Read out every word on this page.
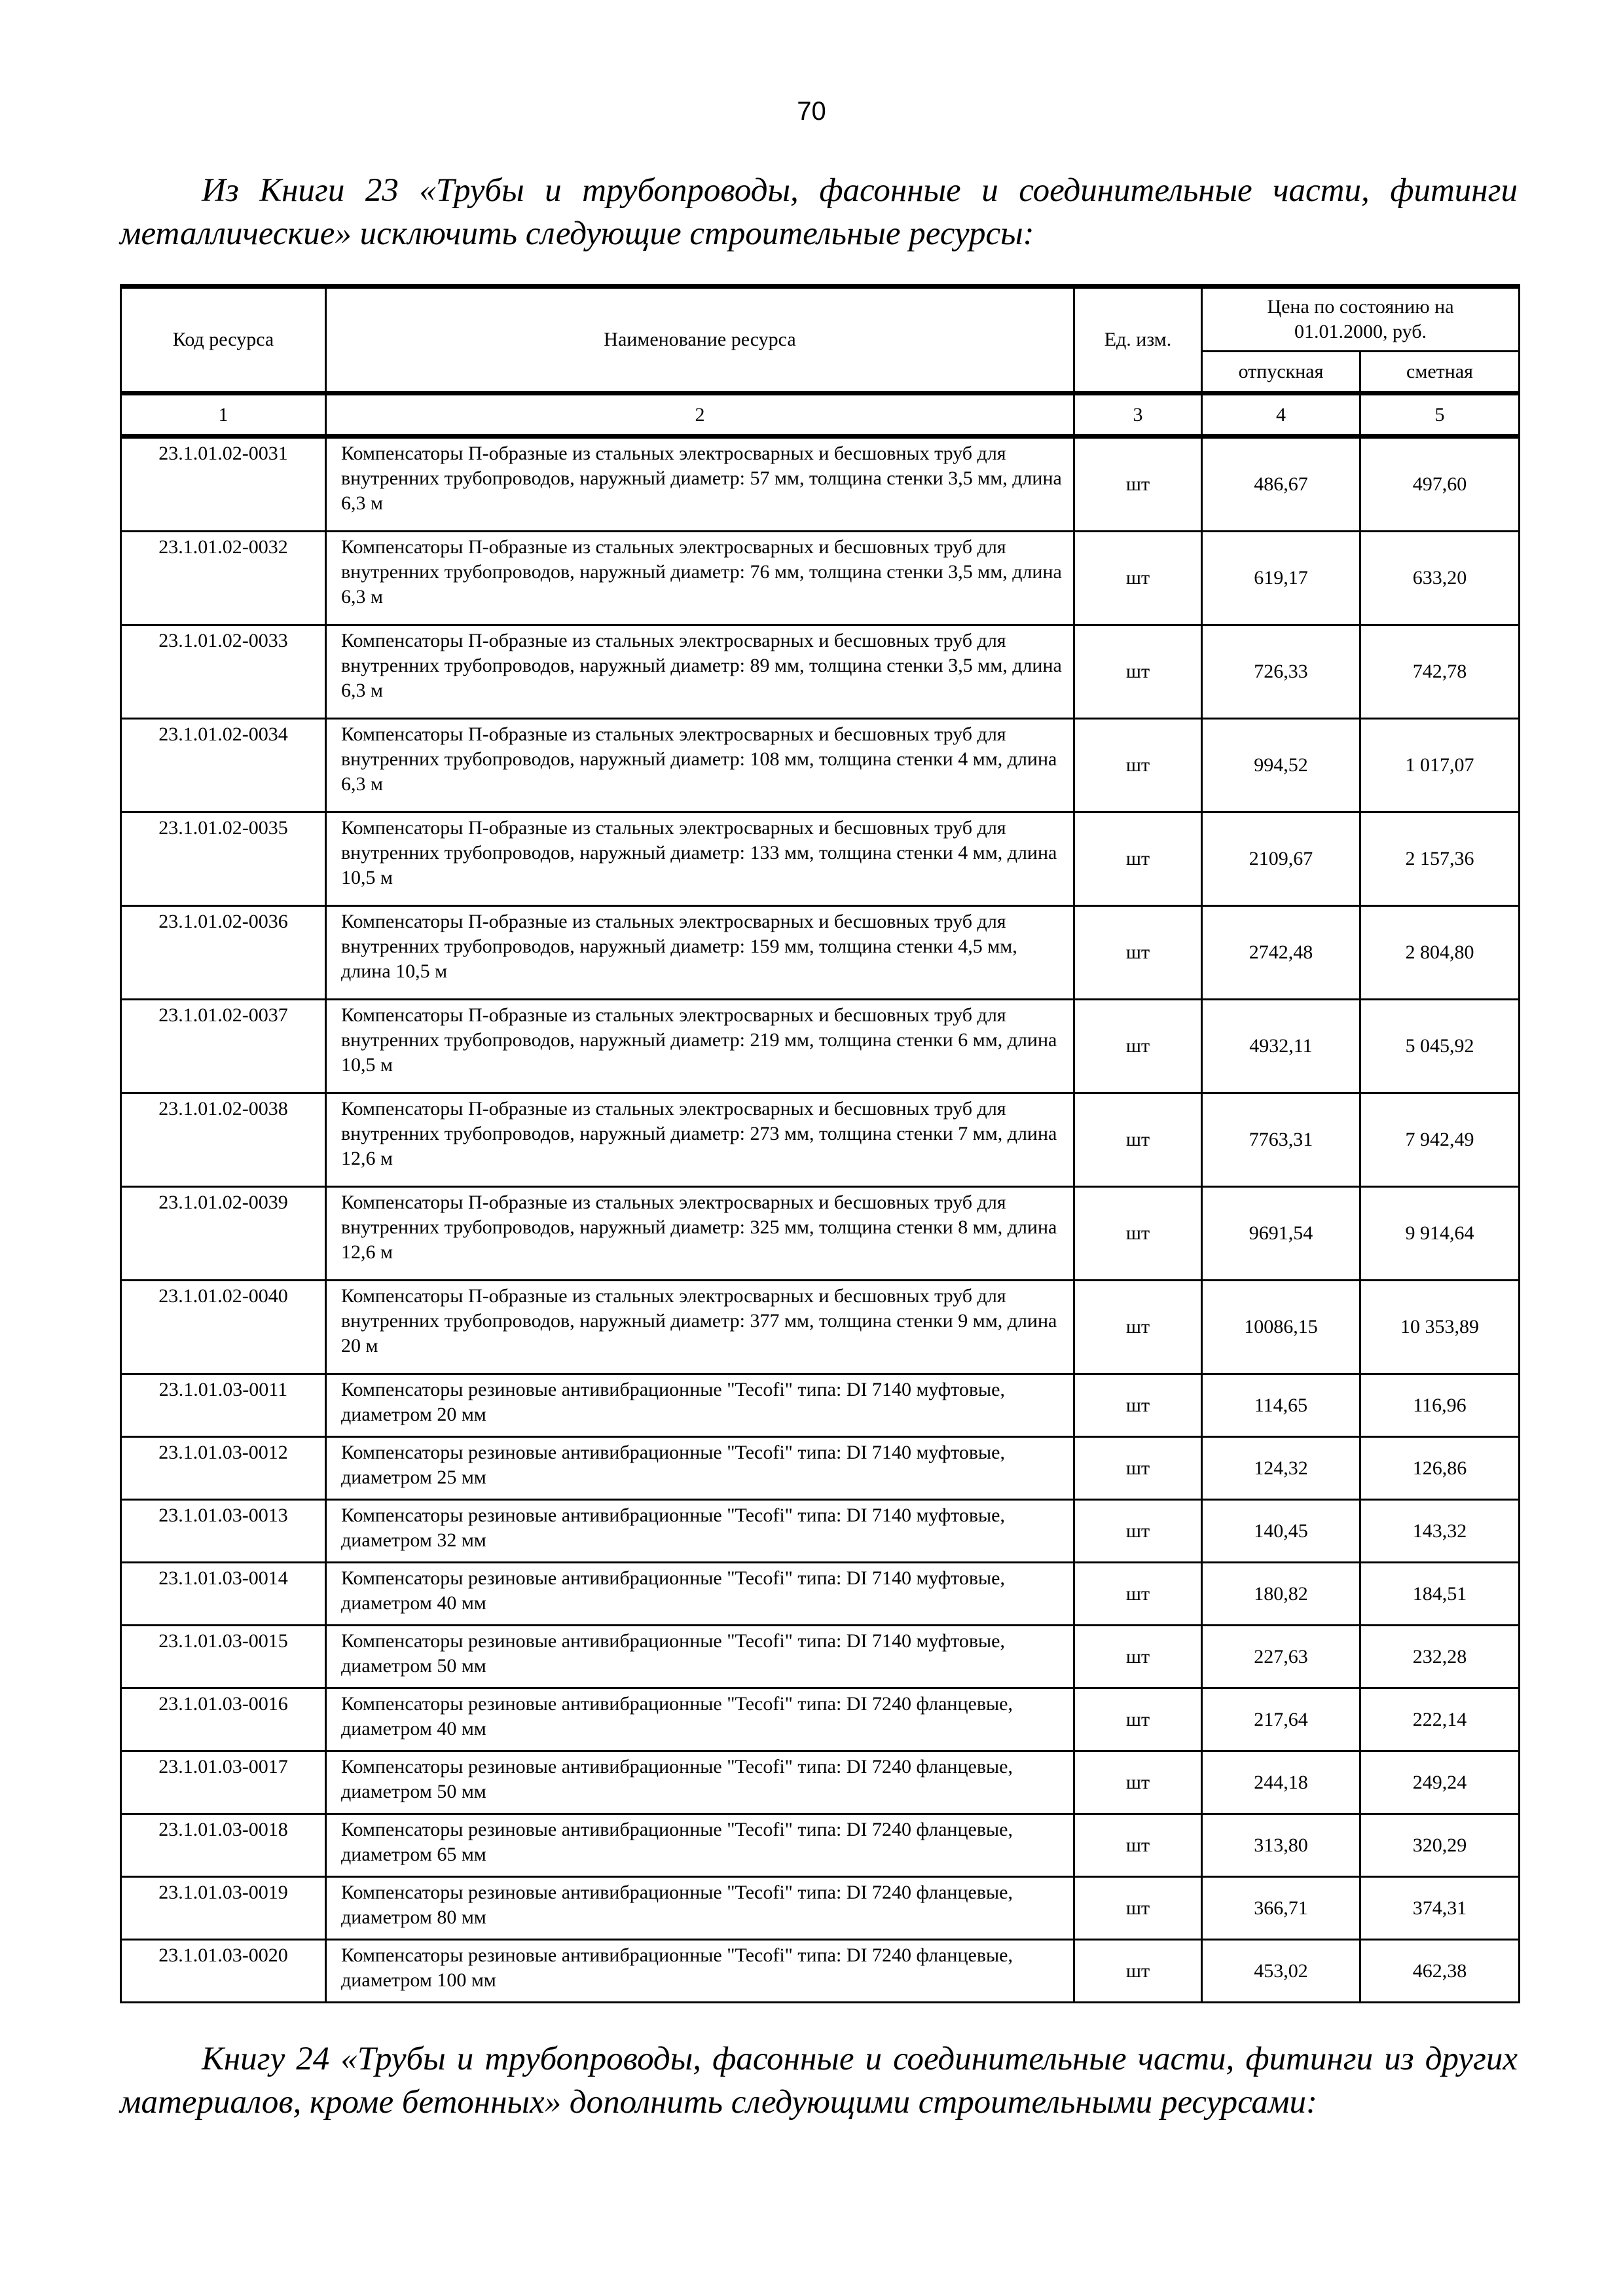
70
Из Книги 23 «Трубы и трубопроводы, фасонные и соединительные части, фитинги
металлические» исключить следующие строительные ресурсы:
Код ресурса	Наименование ресурса	Ед. изм.	Цена по состоянию на 01.01.2000, руб.	
			отпускная	сметная
1	2	3	4	5
23.1.01.02-0031	Компенсаторы П-образные из стальных электросварных и бесшовных труб для внутренних трубопроводов, наружный диаметр: 57 мм, толщина стенки 3,5 мм, длина 6,3 м	шт	486,67	497,60
23.1.01.02-0032	Компенсаторы П-образные из стальных электросварных и бесшовных труб для внутренних трубопроводов, наружный диаметр: 76 мм, толщина стенки 3,5 мм, длина 6,3 м	шт	619,17	633,20
23.1.01.02-0033	Компенсаторы П-образные из стальных электросварных и бесшовных труб для внутренних трубопроводов, наружный диаметр: 89 мм, толщина стенки 3,5 мм, длина 6,3 м	шт	726,33	742,78
23.1.01.02-0034	Компенсаторы П-образные из стальных электросварных и бесшовных труб для внутренних трубопроводов, наружный диаметр: 108 мм, толщина стенки 4 мм, длина 6,3 м	шт	994,52	1 017,07
23.1.01.02-0035	Компенсаторы П-образные из стальных электросварных и бесшовных труб для внутренних трубопроводов, наружный диаметр: 133 мм, толщина стенки 4 мм, длина 10,5 м	шт	2109,67	2 157,36
23.1.01.02-0036	Компенсаторы П-образные из стальных электросварных и бесшовных труб для внутренних трубопроводов, наружный диаметр: 159 мм, толщина стенки 4,5 мм, длина 10,5 м	шт	2742,48	2 804,80
23.1.01.02-0037	Компенсаторы П-образные из стальных электросварных и бесшовных труб для внутренних трубопроводов, наружный диаметр: 219 мм, толщина стенки 6 мм, длина 10,5 м	шт	4932,11	5 045,92
23.1.01.02-0038	Компенсаторы П-образные из стальных электросварных и бесшовных труб для внутренних трубопроводов, наружный диаметр: 273 мм, толщина стенки 7 мм, длина 12,6 м	шт	7763,31	7 942,49
23.1.01.02-0039	Компенсаторы П-образные из стальных электросварных и бесшовных труб для внутренних трубопроводов, наружный диаметр: 325 мм, толщина стенки 8 мм, длина 12,6 м	шт	9691,54	9 914,64
23.1.01.02-0040	Компенсаторы П-образные из стальных электросварных и бесшовных труб для внутренних трубопроводов, наружный диаметр: 377 мм, толщина стенки 9 мм, длина 20 м	шт	10086,15	10 353,89
23.1.01.03-0011	Компенсаторы резиновые антивибрационные "Tecofi" типа: DI 7140 муфтовые, диаметром 20 мм	шт	114,65	116,96
23.1.01.03-0012	Компенсаторы резиновые антивибрационные "Tecofi" типа: DI 7140 муфтовые, диаметром 25 мм	шт	124,32	126,86
23.1.01.03-0013	Компенсаторы резиновые антивибрационные "Tecofi" типа: DI 7140 муфтовые, диаметром 32 мм	шт	140,45	143,32
23.1.01.03-0014	Компенсаторы резиновые антивибрационные "Tecofi" типа: DI 7140 муфтовые, диаметром 40 мм	шт	180,82	184,51
23.1.01.03-0015	Компенсаторы резиновые антивибрационные "Tecofi" типа: DI 7140 муфтовые, диаметром 50 мм	шт	227,63	232,28
23.1.01.03-0016	Компенсаторы резиновые антивибрационные "Tecofi" типа: DI 7240 фланцевые, диаметром 40 мм	шт	217,64	222,14
23.1.01.03-0017	Компенсаторы резиновые антивибрационные "Tecofi" типа: DI 7240 фланцевые, диаметром 50 мм	шт	244,18	249,24
23.1.01.03-0018	Компенсаторы резиновые антивибрационные "Tecofi" типа: DI 7240 фланцевые, диаметром 65 мм	шт	313,80	320,29
23.1.01.03-0019	Компенсаторы резиновые антивибрационные "Tecofi" типа: DI 7240 фланцевые, диаметром 80 мм	шт	366,71	374,31
23.1.01.03-0020	Компенсаторы резиновые антивибрационные "Tecofi" типа: DI 7240 фланцевые, диаметром 100 мм	шт	453,02	462,38
Книгу 24 «Трубы и трубопроводы, фасонные и соединительные части, фитинги из других
материалов, кроме бетонных» дополнить следующими строительными ресурсами:
